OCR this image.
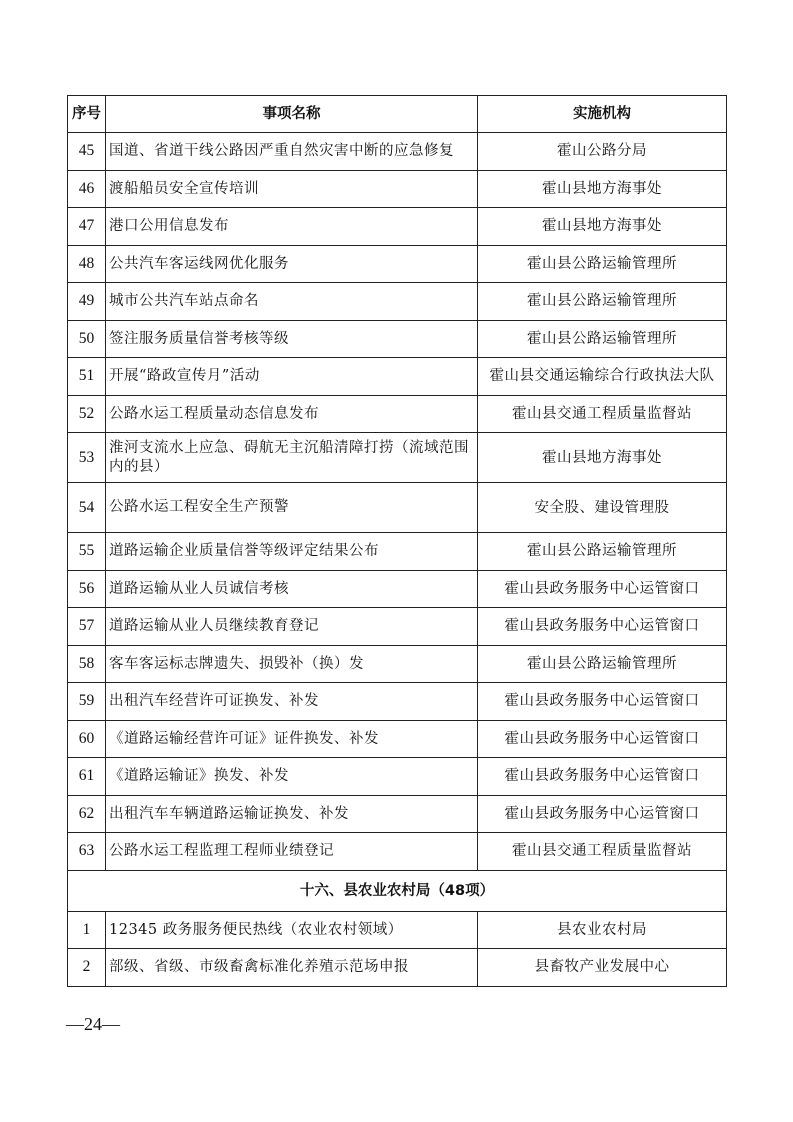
序号	事项名称	实施机构
45	国道、省道干线公路因严重自然灾害中断的应急修复	霍山公路分局
46	渡船船员安全宣传培训	霍山县地方海事处
47	港口公用信息发布	霍山县地方海事处
48	公共汽车客运线网优化服务	霍山县公路运输管理所
49	城市公共汽车站点命名	霍山县公路运输管理所
50	签注服务质量信誉考核等级	霍山县公路运输管理所
51	开展“路政宣传月”活动	霍山县交通运输综合行政执法大队
52	公路水运工程质量动态信息发布	霍山县交通工程质量监督站
53	淮河支流水上应急、碍航无主沉船清障打捞（流域范围内的县）	霍山县地方海事处
54	公路水运工程安全生产预警	安全股、建设管理股
55	道路运输企业质量信誉等级评定结果公布	霍山县公路运输管理所
56	道路运输从业人员诚信考核	霍山县政务服务中心运管窗口
57	道路运输从业人员继续教育登记	霍山县政务服务中心运管窗口
58	客车客运标志牌遗失、损毁补（换）发	霍山县公路运输管理所
59	出租汽车经营许可证换发、补发	霍山县政务服务中心运管窗口
60	《道路运输经营许可证》证件换发、补发	霍山县政务服务中心运管窗口
61	《道路运输证》换发、补发	霍山县政务服务中心运管窗口
62	出租汽车车辆道路运输证换发、补发	霍山县政务服务中心运管窗口
63	公路水运工程监理工程师业绩登记	霍山县交通工程质量监督站
十六、县农业农村局（48项）		
1	12345 政务服务便民热线（农业农村领域）	县农业农村局
2	部级、省级、市级畜禽标准化养殖示范场申报	县畜牧产业发展中心
—24—
